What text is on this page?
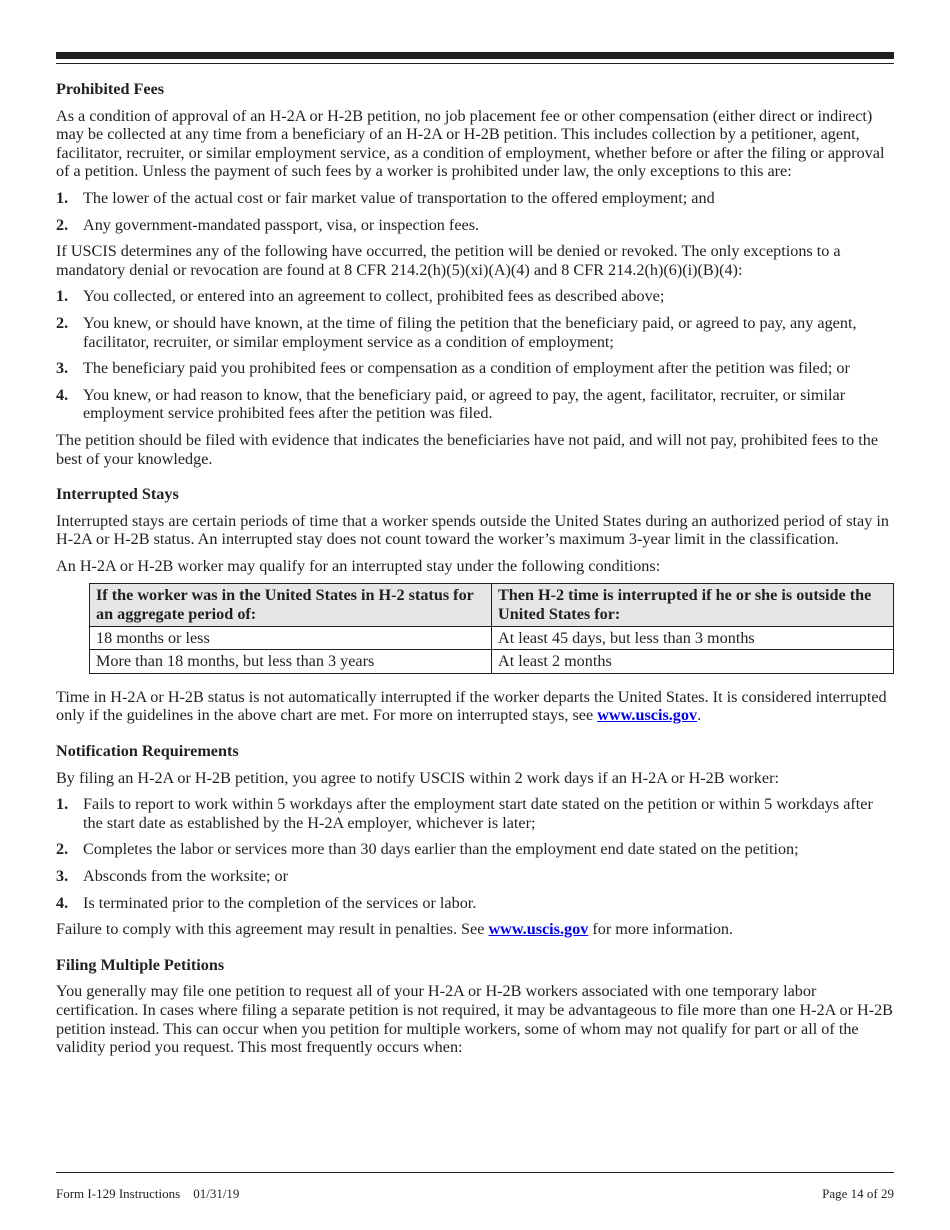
Prohibited Fees

As a condition of approval of an H-2A or H-2B petition, no job placement fee or other compensation (either direct or indirect) may be collected at any time from a beneficiary of an H-2A or H-2B petition. This includes collection by a petitioner, agent, facilitator, recruiter, or similar employment service, as a condition of employment, whether before or after the filing or approval of a petition. Unless the payment of such fees by a worker is prohibited under law, the only exceptions to this are:

1. The lower of the actual cost or fair market value of transportation to the offered employment; and
2. Any government-mandated passport, visa, or inspection fees.

If USCIS determines any of the following have occurred, the petition will be denied or revoked. The only exceptions to a mandatory denial or revocation are found at 8 CFR 214.2(h)(5)(xi)(A)(4) and 8 CFR 214.2(h)(6)(i)(B)(4):

1. You collected, or entered into an agreement to collect, prohibited fees as described above;
2. You knew, or should have known, at the time of filing the petition that the beneficiary paid, or agreed to pay, any agent, facilitator, recruiter, or similar employment service as a condition of employment;
3. The beneficiary paid you prohibited fees or compensation as a condition of employment after the petition was filed; or
4. You knew, or had reason to know, that the beneficiary paid, or agreed to pay, the agent, facilitator, recruiter, or similar employment service prohibited fees after the petition was filed.

The petition should be filed with evidence that indicates the beneficiaries have not paid, and will not pay, prohibited fees to the best of your knowledge.

Interrupted Stays

Interrupted stays are certain periods of time that a worker spends outside the United States during an authorized period of stay in H-2A or H-2B status. An interrupted stay does not count toward the worker’s maximum 3-year limit in the classification.

An H-2A or H-2B worker may qualify for an interrupted stay under the following conditions:

If the worker was in the United States in H-2 status for an aggregate period of:	Then H-2 time is interrupted if he or she is outside the United States for:
18 months or less	At least 45 days, but less than 3 months
More than 18 months, but less than 3 years	At least 2 months

Time in H-2A or H-2B status is not automatically interrupted if the worker departs the United States. It is considered interrupted only if the guidelines in the above chart are met. For more on interrupted stays, see www.uscis.gov.

Notification Requirements

By filing an H-2A or H-2B petition, you agree to notify USCIS within 2 work days if an H-2A or H-2B worker:

1. Fails to report to work within 5 workdays after the employment start date stated on the petition or within 5 workdays after the start date as established by the H-2A employer, whichever is later;
2. Completes the labor or services more than 30 days earlier than the employment end date stated on the petition;
3. Absconds from the worksite; or
4. Is terminated prior to the completion of the services or labor.

Failure to comply with this agreement may result in penalties. See www.uscis.gov for more information.

Filing Multiple Petitions

You generally may file one petition to request all of your H-2A or H-2B workers associated with one temporary labor certification. In cases where filing a separate petition is not required, it may be advantageous to file more than one H-2A or H-2B petition instead. This can occur when you petition for multiple workers, some of whom may not qualify for part or all of the validity period you request. This most frequently occurs when:

Form I-129 Instructions    01/31/19	Page 14 of 29
